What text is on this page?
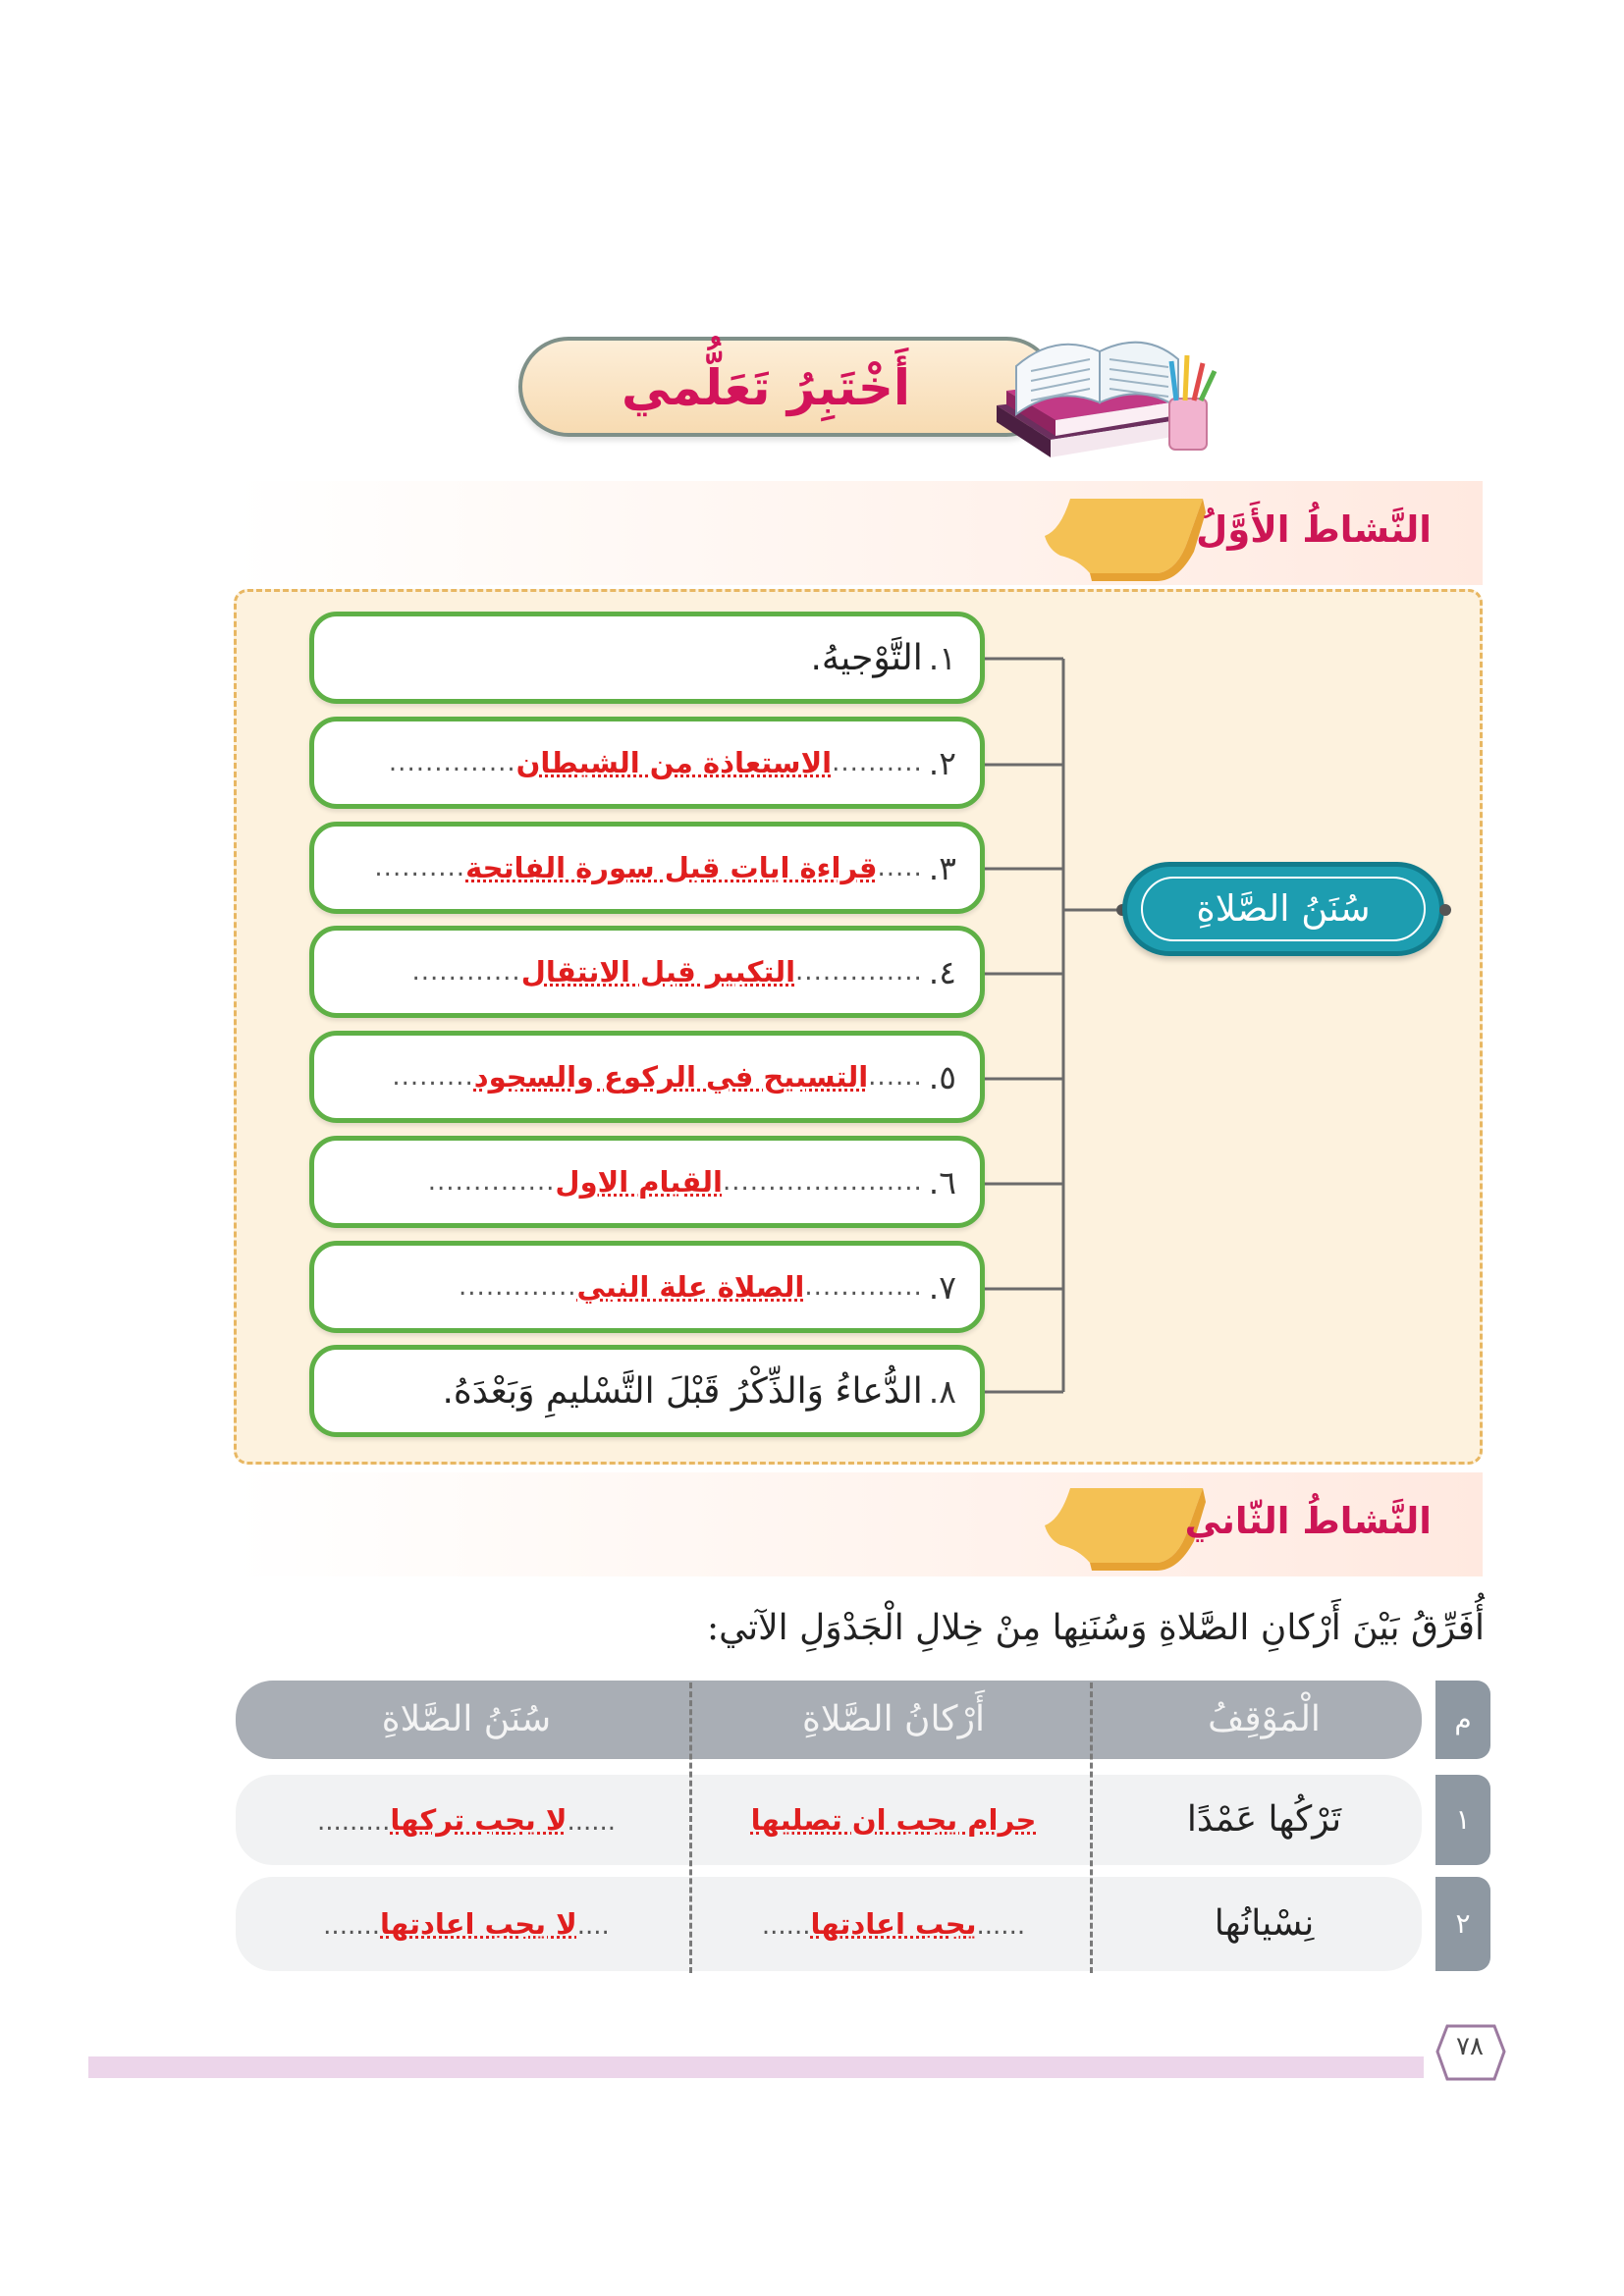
أَخْتَبِرُ تَعَلُّمي
النَّشاطُ الأَوَّلُ
١.
التَّوْجيهُ.
٢.
..........
الاستعاذة من الشيطان
..............
٣.
.....
قراءة ايات قبل سورة الفاتحة
..........
٤.
..............
التكبير قبل الانتقال
............
٥.
......
التسبيح في الركوع والسجود
.........
٦.
......................
القيام الاول
..............
٧.
.............
الصلاة علة النبي
.............
٨.
الدُّعاءُ وَالذِّكْرُ قَبْلَ التَّسْليمِ وَبَعْدَهُ.
سُنَنُ الصَّلاةِ
النَّشاطُ الثّاني
أُفَرِّقُ بَيْنَ أَرْكانِ الصَّلاةِ وَسُنَنِها مِنْ خِلالِ الْجَدْوَلِ الآتي:
م
الْمَوْقِفُ
أَرْكانُ الصَّلاةِ
سُنَنُ الصَّلاةِ
١
تَرْكُها عَمْدًا
حرام يجب ان تصليها
......لا يجب تركها.........
٢
نِسْيانُها
......يجب اعادتها......
....لا يجب اعادتها.......
٧٨
